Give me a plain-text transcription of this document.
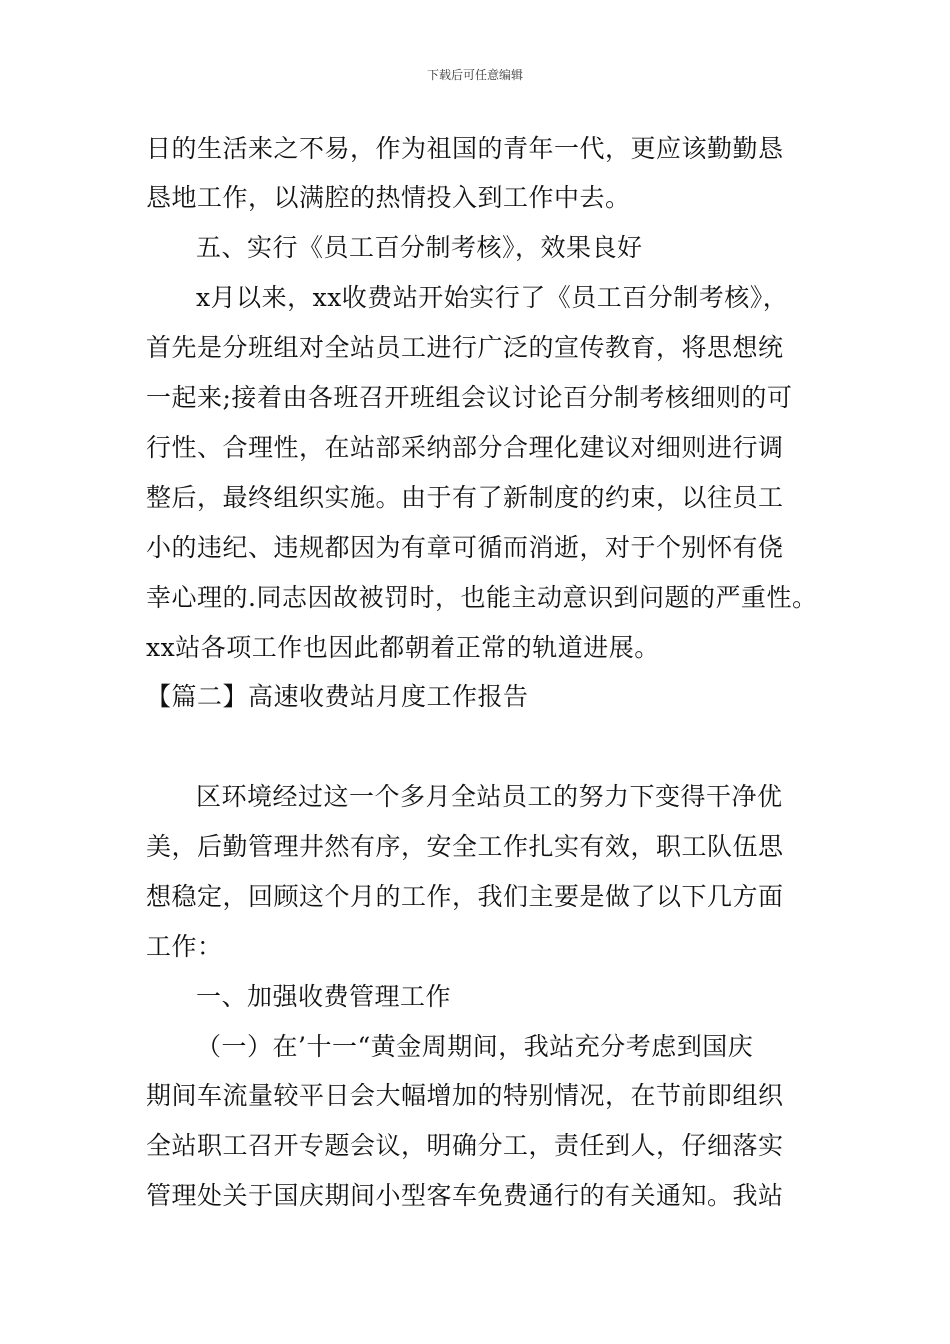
下载后可任意编辑
日的生活来之不易，作为祖国的青年一代，更应该勤勤恳
恳地工作，以满腔的热情投入到工作中去。
五、实行《员工百分制考核》，效果良好
x月以来，xx收费站开始实行了《员工百分制考核》，
首先是分班组对全站员工进行广泛的宣传教育，将思想统
一起来;接着由各班召开班组会议讨论百分制考核细则的可
行性、合理性，在站部采纳部分合理化建议对细则进行调
整后，最终组织实施。由于有了新制度的约束，以往员工
小的违纪、违规都因为有章可循而消逝，对于个别怀有侥
幸心理的.同志因故被罚时，也能主动意识到问题的严重性。
xx站各项工作也因此都朝着正常的轨道进展。
【篇二】高速收费站月度工作报告
区环境经过这一个多月全站员工的努力下变得干净优
美，后勤管理井然有序，安全工作扎实有效，职工队伍思
想稳定，回顾这个月的工作，我们主要是做了以下几方面
工作：
一、加强收费管理工作
（一）在’十一“黄金周期间，我站充分考虑到国庆
期间车流量较平日会大幅增加的特别情况，在节前即组织
全站职工召开专题会议，明确分工，责任到人，仔细落实
管理处关于国庆期间小型客车免费通行的有关通知。我站
